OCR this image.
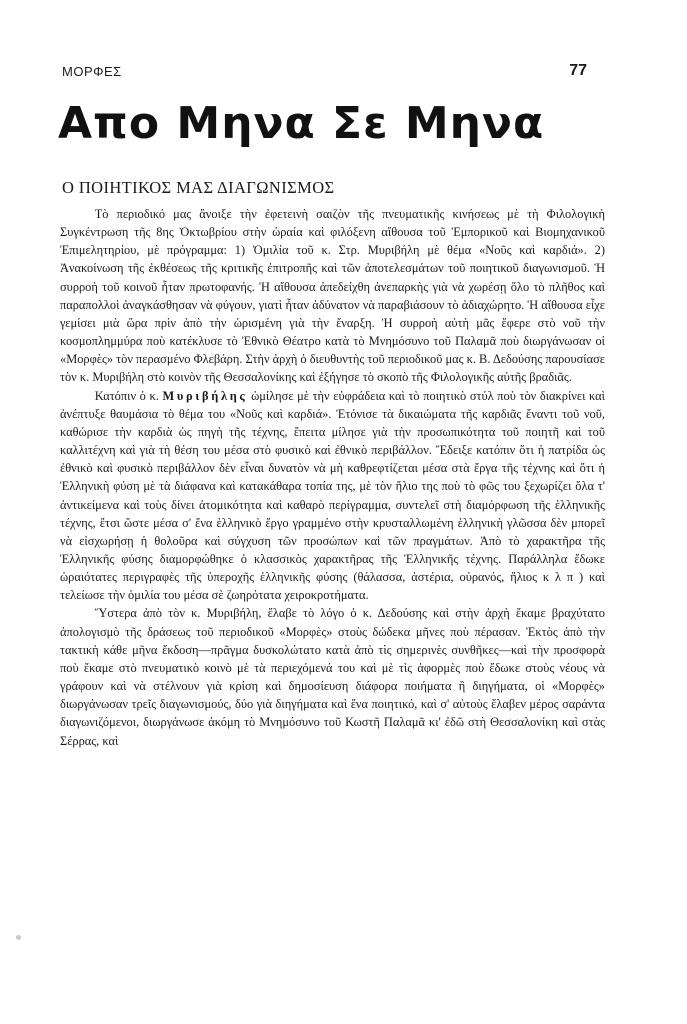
ΜΟΡΦΕΣ	77
Απο Μηνα Σε Μηνα
Ο ΠΟΙΗΤΙΚΟΣ ΜΑΣ ΔΙΑΓΩΝΙΣΜΟΣ

Τὸ περιοδικό μας ἄνοιξε τὴν ἐφετεινὴ σαιζὸν τῆς πνευματικῆς κινήσεως μὲ τὴ Φιλολογικὴ Συγκέντρωση τῆς 8ης Ὀκτωβρίου στὴν ὡραία καὶ φιλόξενη αἴθουσα τοῦ Ἐμπορικοῦ καὶ Βιομηχανικοῦ Ἐπιμελητηρίου, μὲ πρόγραμμα: 1) Ὁμιλία τοῦ κ. Στρ. Μυριβήλη μὲ θέμα «Νοῦς καὶ καρδιά». 2) Ἀνακοίνωση τῆς ἐκθέσεως τῆς κριτικῆς ἐπιτροπῆς καὶ τῶν ἀποτελεσμάτων τοῦ ποιητικοῦ διαγωνισμοῦ. Ἡ συρροὴ τοῦ κοινοῦ ἦταν πρωτοφανής. Ἡ αἴθουσα ἀπεδείχθη ἀνεπαρκὴς γιὰ νὰ χωρέσῃ ὅλο τὸ πλῆθος καὶ παραπολλοὶ ἀναγκάσθησαν νὰ φύγουν, γιατὶ ἦταν ἀδύνατον νὰ παραβιάσουν τὸ ἀδιαχώρητο. Ἡ αἴθουσα εἶχε γεμίσει μιὰ ὥρα πρὶν ἀπὸ τὴν ὡρισμένη γιὰ τὴν ἔναρξη. Ἡ συρροὴ αὐτὴ μᾶς ἔφερε στὸ νοῦ τὴν κοσμοπλημμύρα ποὺ κατέκλυσε τὸ Ἐθνικὸ Θέατρο κατὰ τὸ Μνημόσυνο τοῦ Παλαμᾶ ποὺ διωργάνωσαν οἱ «Μορφὲς» τὸν περασμένο Φλεβάρη. Στὴν ἀρχὴ ὁ διευθυντὴς τοῦ περιοδικοῦ μας κ. Β. Δεδούσης παρουσίασε τὸν κ. Μυριβήλη στὸ κοινὸν τῆς Θεσσαλονίκης καὶ ἐξήγησε τὸ σκοπὸ τῆς Φιλολογικῆς αὐτῆς βραδιᾶς.

Κατόπιν ὁ κ. Μυριβήλης ὡμίλησε μὲ τὴν εὐφράδεια καὶ τὸ ποιητικὸ στύλ ποὺ τὸν διακρίνει καὶ ἀνέπτυξε θαυμάσια τὸ θέμα του «Νοῦς καὶ καρδιά». Ἐτόνισε τὰ δικαιώματα τῆς καρδιᾶς ἔναντι τοῦ νοῦ, καθώρισε τὴν καρδιὰ ὡς πηγὴ τῆς τέχνης, ἔπειτα μίλησε γιὰ τὴν προσωπικότητα τοῦ ποιητῆ καὶ τοῦ καλλιτέχνη καὶ γιὰ τὴ θέση του μέσα στὸ φυσικὸ καὶ ἐθνικὸ περιβάλλον. Ἔδειξε κατόπιν ὅτι ἡ πατρίδα ὡς ἐθνικὸ καὶ φυσικὸ περιβάλλον δὲν εἶναι δυνατὸν νὰ μὴ καθρεφτίζεται μέσα στὰ ἔργα τῆς τέχνης καὶ ὅτι ἡ Ἑλληνικὴ φύση μὲ τὰ διάφανα καὶ κατακάθαρα τοπία της, μὲ τὸν ἥλιο της ποὺ τὸ φῶς του ξεχωρίζει ὅλα τ' ἀντικείμενα καὶ τοὺς δίνει ἀτομικότητα καὶ καθαρὸ περίγραμμα, συντελεῖ στὴ διαμόρφωση τῆς ἑλληνικῆς τέχνης, ἔτσι ὥστε μέσα σ' ἕνα ἑλληνικὸ ἔργο γραμμένο στὴν κρυσταλλωμένη ἑλληνικὴ γλῶσσα δὲν μπορεῖ νὰ εἰσχωρήσῃ ἡ θολοῦρα καὶ σύγχυση τῶν προσώπων καὶ τῶν πραγμάτων. Ἀπὸ τὸ χαρακτῆρα τῆς Ἑλληνικῆς φύσης διαμορφώθηκε ὁ κλασσικὸς χαρακτῆρας τῆς Ἑλληνικῆς τέχνης. Παράλληλα ἔδωκε ὡραιότατες περιγραφὲς τῆς ὑπεροχῆς ἑλληνικῆς φύσης (θάλασσα, ἀστέρια, οὐρανός, ἥλιος κ λ π ) καὶ τελείωσε τὴν ὁμιλία του μέσα σὲ ζωηρότατα χειροκροτήματα.

Ὕστερα ἀπὸ τὸν κ. Μυριβήλη, ἔλαβε τὸ λόγο ὁ κ. Δεδούσης καὶ στὴν ἀρχὴ ἔκαμε βραχύτατο ἀπολογισμὸ τῆς δράσεως τοῦ περιοδικοῦ «Μορφὲς» στοὺς δώδεκα μῆνες ποὺ πέρασαν. Ἐκτὸς ἀπὸ τὴν τακτικὴ κάθε μῆνα ἔκδοση—πρᾶγμα δυσκολώτατο κατὰ ἀπὸ τὶς σημερινὲς συνθῆκες—καὶ τὴν προσφορὰ ποὺ ἔκαμε στὸ πνευματικὸ κοινὸ μὲ τὰ περιεχόμενά του καὶ μὲ τὶς ἀφορμὲς ποὺ ἔδωκε στοὺς νέους νὰ γράφουν καὶ νὰ στέλνουν γιὰ κρίση καὶ δημοσίευση διάφορα ποιήματα ἢ διηγήματα, οἱ «Μορφὲς» διωργάνωσαν τρεῖς διαγωνισμούς, δύο γιὰ διηγήματα καὶ ἕνα ποιητικό, καὶ σ' αὐτοὺς ἔλαβεν μέρος σαράντα διαγωνιζόμενοι, διωργάνωσε ἀκόμη τὸ Μνημόσυνο τοῦ Κωστῆ Παλαμᾶ κι' ἐδῶ στὴ Θεσσαλονίκη καὶ στὰς Σέρρας, καὶ
